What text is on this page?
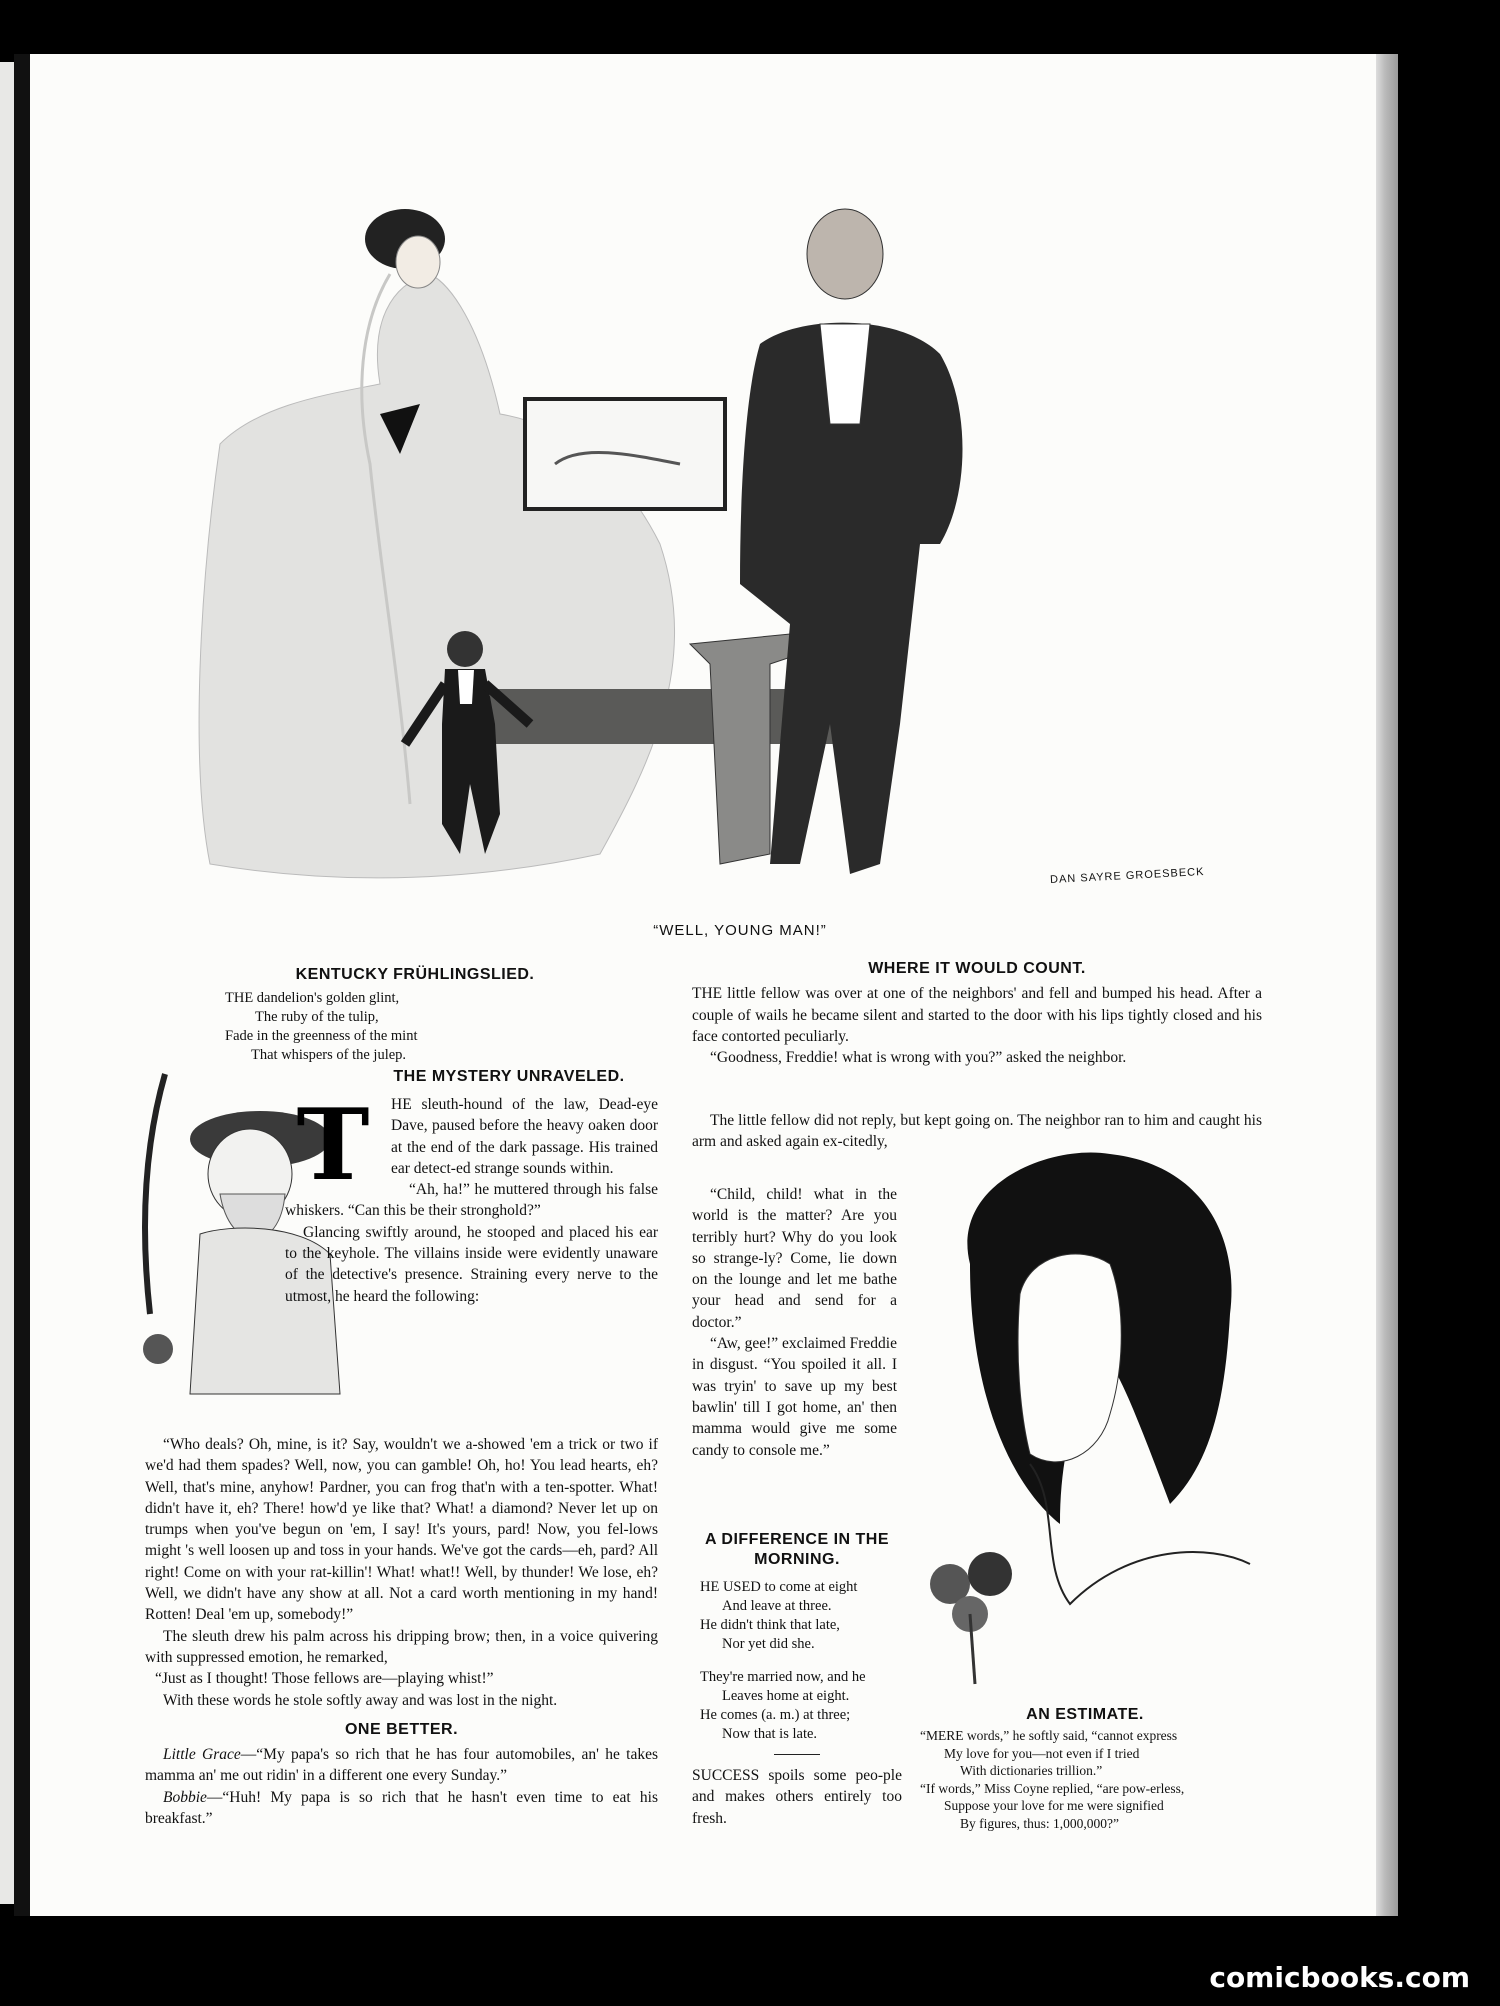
“WELL, YOUNG MAN!”
DAN SAYRE GROESBECK
KENTUCKY FRÜHLINGSLIED.
THE dandelion's golden glint,
The ruby of the tulip,
Fade in the greenness of the mint
That whispers of the julep.
THE MYSTERY UNRAVELED.
T	HE sleuth-hound of the law, Dead-eye Dave, paused before the heavy oaken door at the end of the dark passage. His trained ear detect-ed strange sounds within.

“Ah, ha!” he muttered through his false whiskers. “Can this be their stronghold?”

Glancing swiftly around, he stooped and placed his ear to the keyhole. The villains inside were evidently unaware of the detective's presence. Straining every nerve to the utmost, he heard the following:

“Who deals? Oh, mine, is it? Say, wouldn't we a-showed 'em a trick or two if we'd had them spades? Well, now, you can gamble! Oh, ho! You lead hearts, eh? Well, that's mine, anyhow! Pardner, you can frog that'n with a ten-spotter. What! didn't have it, eh? There! how'd ye like that? What! a diamond? Never let up on trumps when you've begun on 'em, I say! It's yours, pard! Now, you fel-lows might 's well loosen up and toss in your hands. We've got the cards—eh, pard? All right! Come on with your rat-killin'! What! what!! Well, by thunder! We lose, eh? Well, we didn't have any show at all. Not a card worth mentioning in my hand! Rotten! Deal 'em up, somebody!”

The sleuth drew his palm across his dripping brow; then, in a voice quivering with suppressed emotion, he remarked,

“Just as I thought! Those fellows are—playing whist!”

With these words he stole softly away and was lost in the night.

ONE BETTER.

Little Grace—“My papa's so rich that he has four automobiles, an' he takes mamma an' me out ridin' in a different one every Sunday.”

Bobbie—“Huh! My papa is so rich that he hasn't even time to eat his breakfast.”

WHERE IT WOULD COUNT.

THE little fellow was over at one of the neighbors' and fell and bumped his head. After a couple of wails he became silent and started to the door with his lips tightly closed and his face contorted peculiarly.

“Goodness, Freddie! what is wrong with you?” asked the neighbor.

The little fellow did not reply, but kept going on. The neighbor ran to him and caught his arm and asked again ex-citedly,

“Child, child! what in the world is the matter? Are you terribly hurt? Why do you look so strange-ly? Come, lie down on the lounge and let me bathe your head and send for a doctor.”

“Aw, gee!” exclaimed Freddie in disgust. “You spoiled it all. I was tryin' to save up my best bawlin' till I got home, an' then mamma would give me some candy to console me.”

A DIFFERENCE IN THE MORNING.
HE USED to come at eight
And leave at three.
He didn't think that late,
Nor yet did she.
They're married now, and he
Leaves home at eight.
He comes (a. m.) at three;
Now that is late.

SUCCESS spoils some peo-ple and makes others entirely too fresh.

AN ESTIMATE.
“MERE words,” he softly said, “cannot express
My love for you—not even if I tried
With dictionaries trillion.”
“If words,” Miss Coyne replied, “are pow-erless,
Suppose your love for me were signified
By figures, thus: 1,000,000?”
comicbooks.com
